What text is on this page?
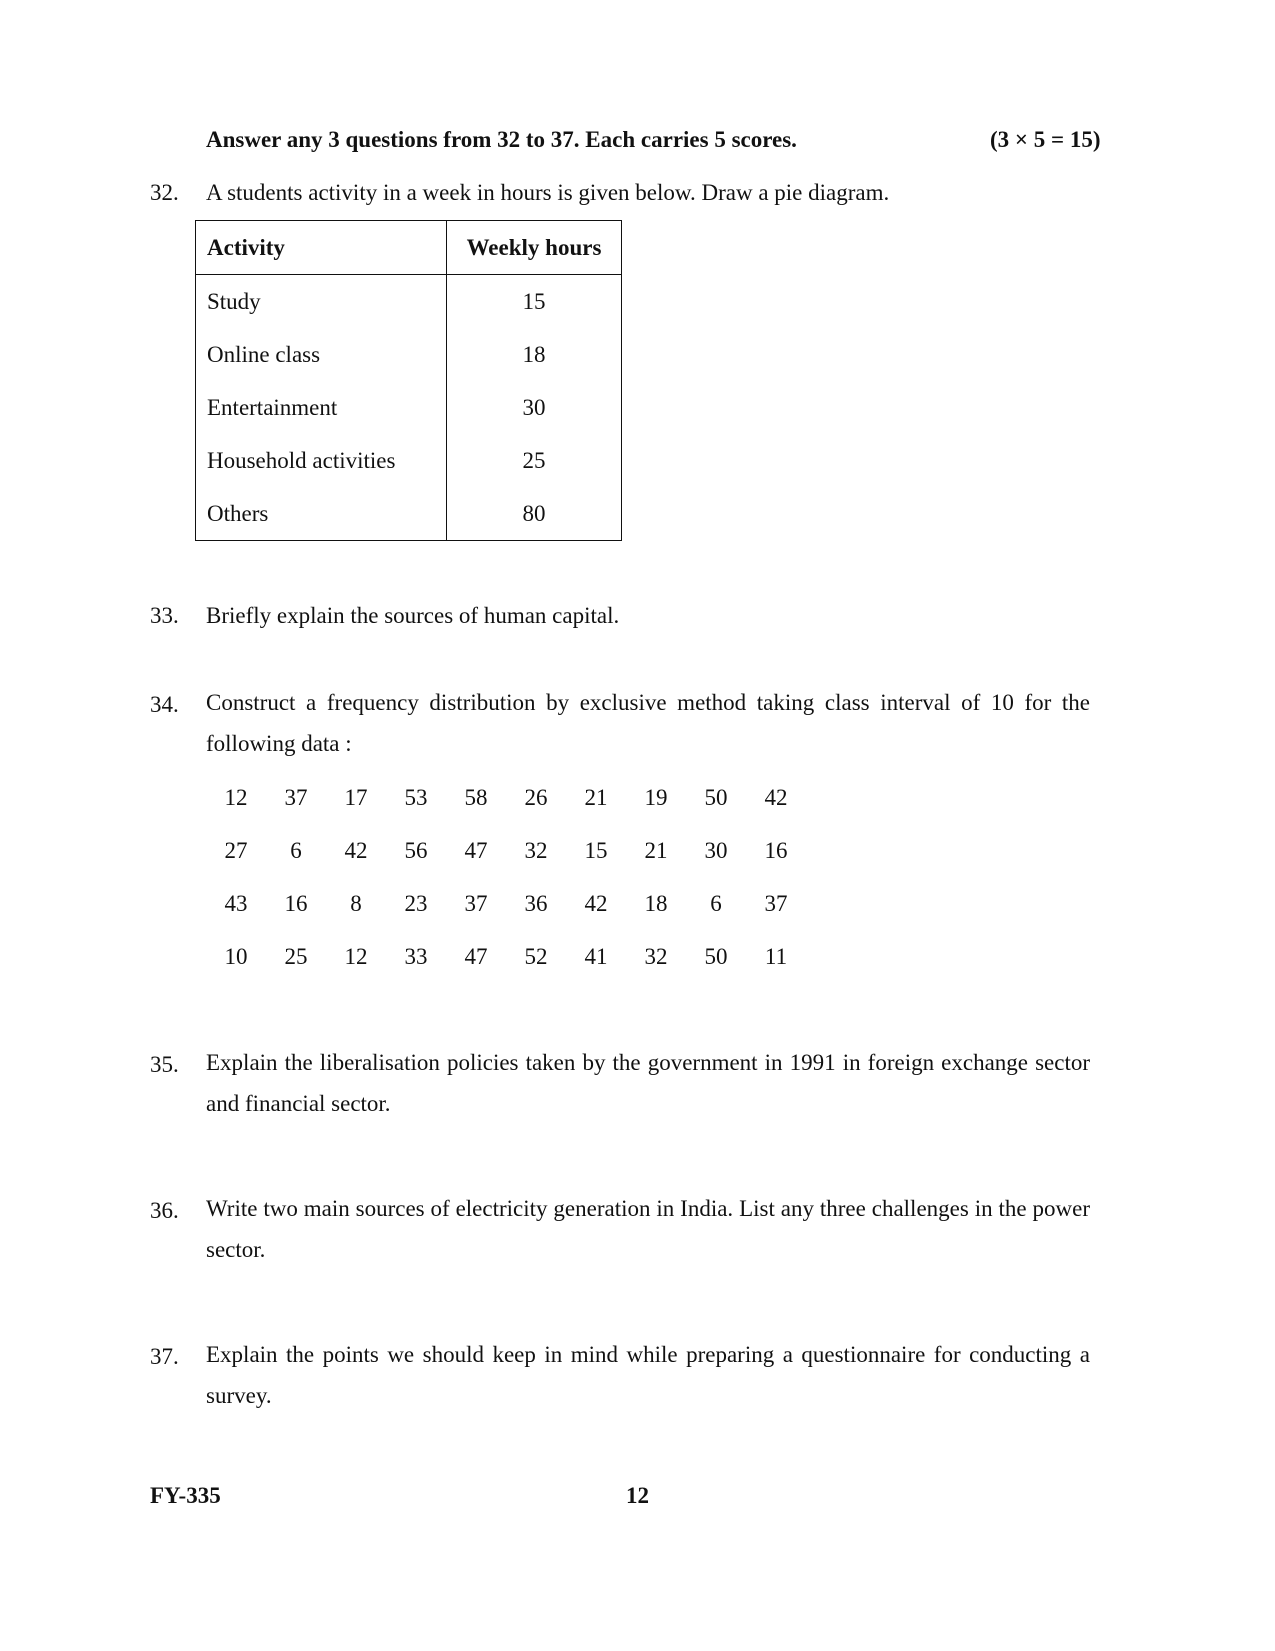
Answer any 3 questions from 32 to 37. Each carries 5 scores.	(3 × 5 = 15)
32. A students activity in a week in hours is given below. Draw a pie diagram.
Activity	Weekly hours
Study	15
Online class	18
Entertainment	30
Household activities	25
Others	80
33. Briefly explain the sources of human capital.
34. Construct a frequency distribution by exclusive method taking class interval of 10 for the following data :
12	37	17	53	58	26	21	19	50	42
27	6	42	56	47	32	15	21	30	16
43	16	8	23	37	36	42	18	6	37
10	25	12	33	47	52	41	32	50	11
35. Explain the liberalisation policies taken by the government in 1991 in foreign exchange sector and financial sector.
36. Write two main sources of electricity generation in India. List any three challenges in the power sector.
37. Explain the points we should keep in mind while preparing a questionnaire for conducting a survey.
FY-335	12
